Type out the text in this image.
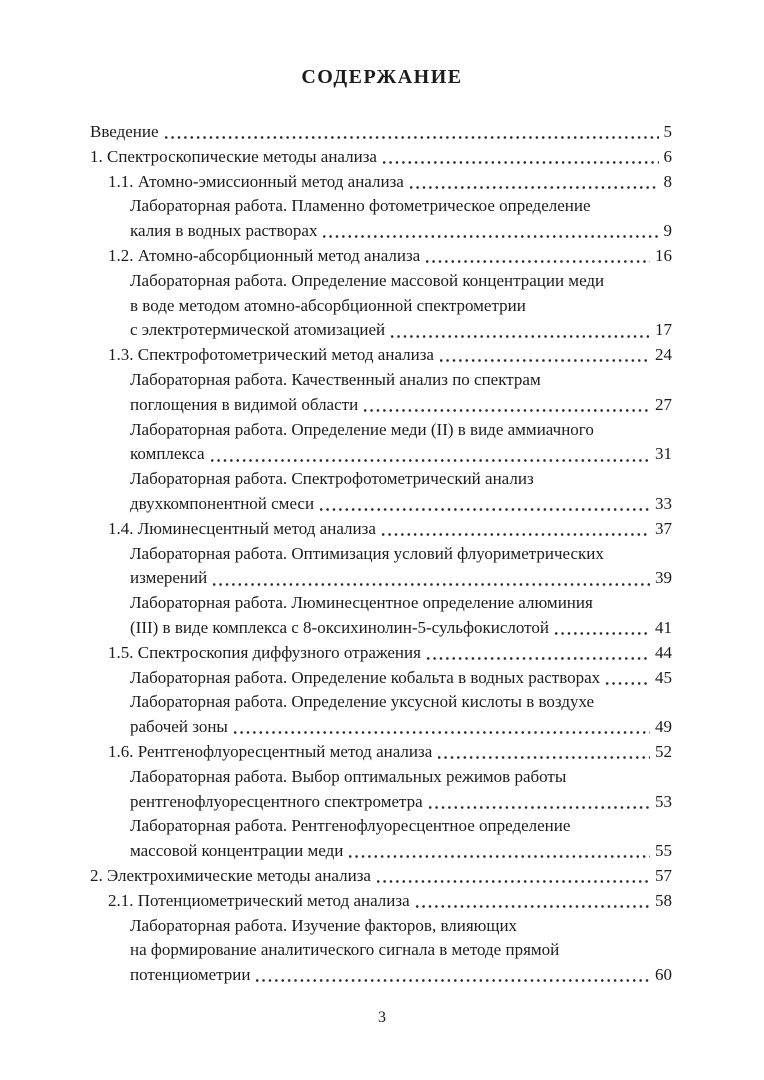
СОДЕРЖАНИЕ
Введение	5
1. Спектроскопические методы анализа	6
1.1. Атомно-эмиссионный метод анализа	8
Лабораторная работа. Пламенно фотометрическое определение
калия в водных растворах	9
1.2. Атомно-абсорбционный метод анализа	16
Лабораторная работа. Определение массовой концентрации меди
в воде методом атомно-абсорбционной спектрометрии
с электротермической атомизацией	17
1.3. Спектрофотометрический метод анализа	24
Лабораторная работа. Качественный анализ по спектрам
поглощения в видимой области	27
Лабораторная работа. Определение меди (II) в виде аммиачного
комплекса	31
Лабораторная работа. Спектрофотометрический анализ
двухкомпонентной смеси	33
1.4. Люминесцентный метод анализа	37
Лабораторная работа. Оптимизация условий флуориметрических
измерений	39
Лабораторная работа. Люминесцентное определение алюминия
(III) в виде комплекса с 8-оксихинолин-5-сульфокислотой	41
1.5. Спектроскопия диффузного отражения	44
Лабораторная работа. Определение кобальта в водных растворах	45
Лабораторная работа. Определение уксусной кислоты в воздухе
рабочей зоны	49
1.6. Рентгенофлуоресцентный метод анализа	52
Лабораторная работа. Выбор оптимальных режимов работы
рентгенофлуоресцентного спектрометра	53
Лабораторная работа. Рентгенофлуоресцентное определение
массовой концентрации меди	55
2. Электрохимические методы анализа	57
2.1. Потенциометрический метод анализа	58
Лабораторная работа. Изучение факторов, влияющих
на формирование аналитического сигнала в методе прямой
потенциометрии	60
3
